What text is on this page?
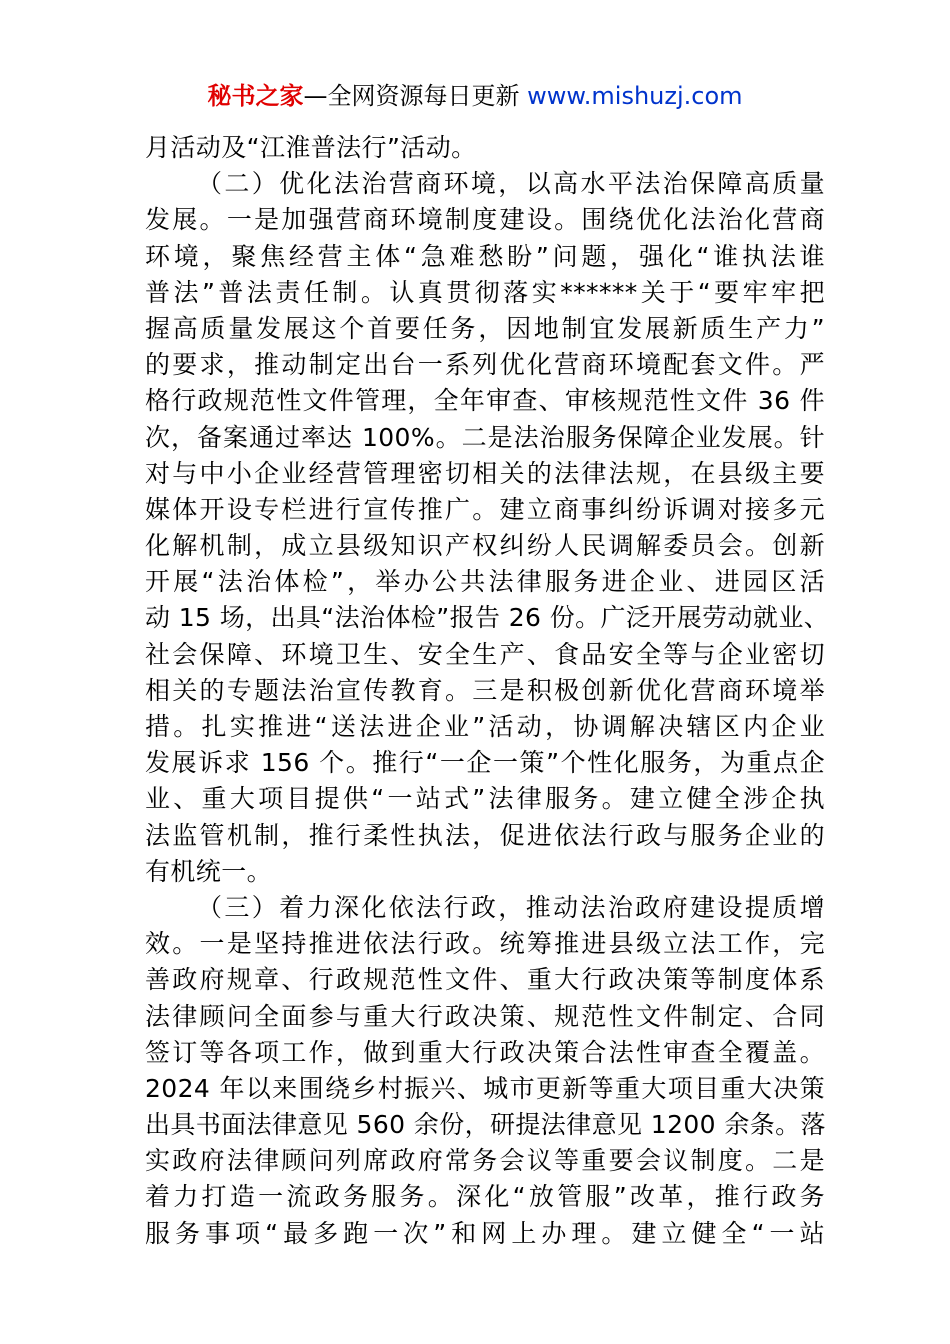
秘书之家—全网资源每日更新 www.mishuzj.com
月活动及“江淮普法行”活动。
（二）优化法治营商环境，以高水平法治保障高质量
发展。一是加强营商环境制度建设。围绕优化法治化营商
环境，聚焦经营主体“急难愁盼”问题，强化“谁执法谁
普法”普法责任制。认真贯彻落实******关于“要牢牢把
握高质量发展这个首要任务，因地制宜发展新质生产力”
的要求，推动制定出台一系列优化营商环境配套文件。严
格行政规范性文件管理，全年审查、审核规范性文件 36 件
次，备案通过率达 100%。二是法治服务保障企业发展。针
对与中小企业经营管理密切相关的法律法规，在县级主要
媒体开设专栏进行宣传推广。建立商事纠纷诉调对接多元
化解机制，成立县级知识产权纠纷人民调解委员会。创新
开展“法治体检”，举办公共法律服务进企业、进园区活
动 15 场，出具“法治体检”报告 26 份。广泛开展劳动就业、
社会保障、环境卫生、安全生产、食品安全等与企业密切
相关的专题法治宣传教育。三是积极创新优化营商环境举
措。扎实推进“送法进企业”活动，协调解决辖区内企业
发展诉求 156 个。推行“一企一策”个性化服务，为重点企
业、重大项目提供“一站式”法律服务。建立健全涉企执
法监管机制，推行柔性执法，促进依法行政与服务企业的
有机统一。
（三）着力深化依法行政，推动法治政府建设提质增
效。一是坚持推进依法行政。统筹推进县级立法工作，完
善政府规章、行政规范性文件、重大行政决策等制度体系
法律顾问全面参与重大行政决策、规范性文件制定、合同
签订等各项工作，做到重大行政决策合法性审查全覆盖。
2024 年以来围绕乡村振兴、城市更新等重大项目重大决策
出具书面法律意见 560 余份，研提法律意见 1200 余条。落
实政府法律顾问列席政府常务会议等重要会议制度。二是
着力打造一流政务服务。深化“放管服”改革，推行政务
服务事项“最多跑一次”和网上办理。建立健全“一站
